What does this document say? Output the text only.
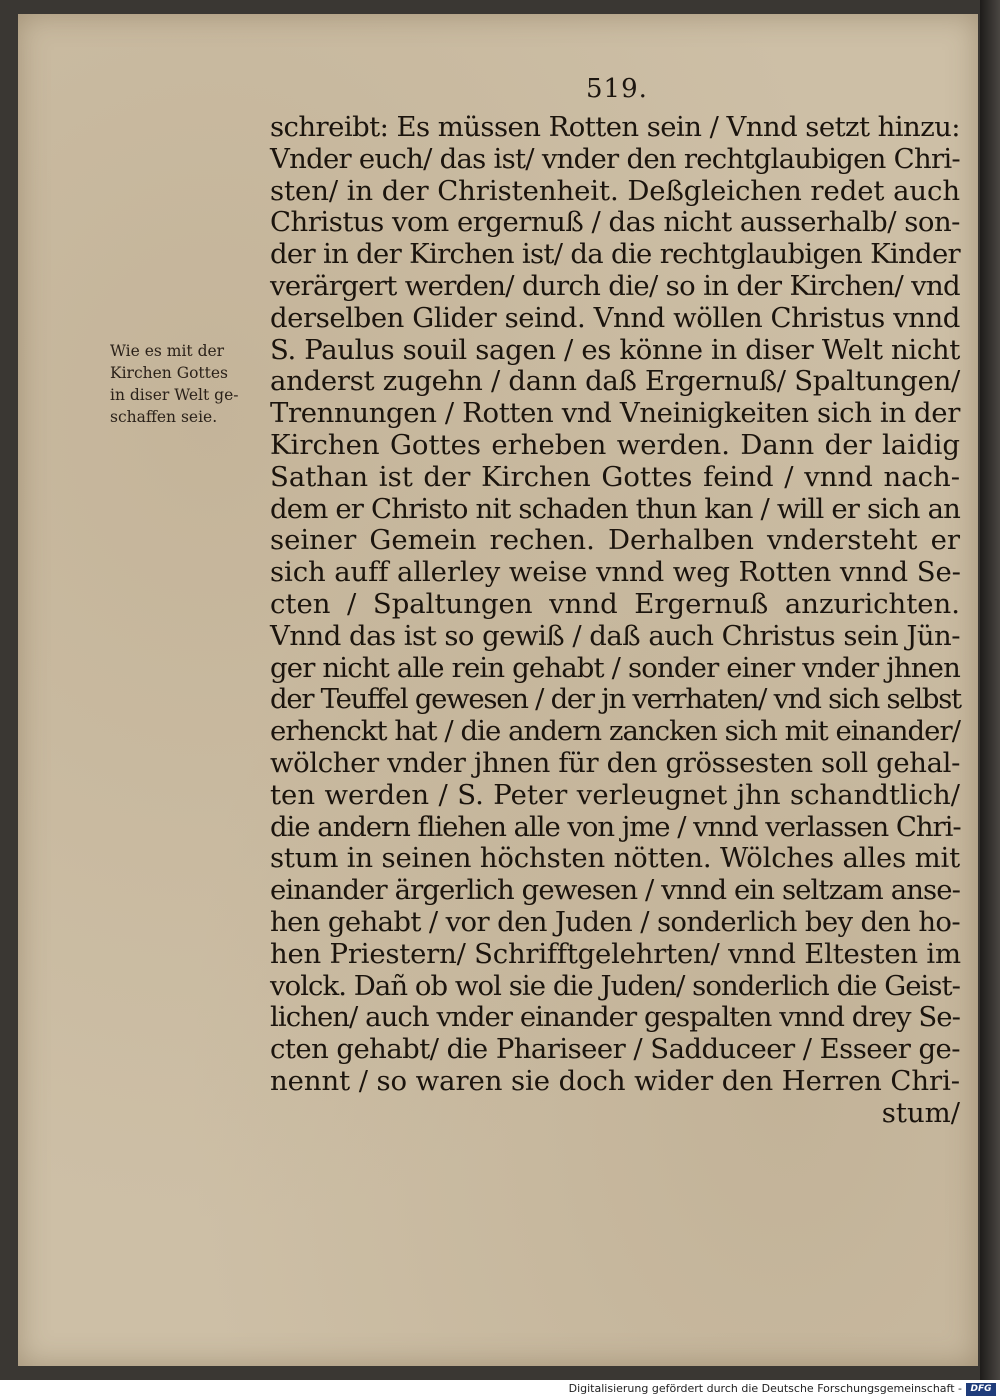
519.
Wie es mit der
Kirchen Gottes
in diser Welt ge-
schaffen seie.
schreibt: Es müssen Rotten sein / Vnnd setzt hinzu:
Vnder euch/ das ist/ vnder den rechtglaubigen Chri-
sten/ in der Christenheit. Deßgleichen redet auch
Christus vom ergernuß / das nicht ausserhalb/ son-
der in der Kirchen ist/ da die rechtglaubigen Kinder
verärgert werden/ durch die/ so in der Kirchen/ vnd
derselben Glider seind. Vnnd wöllen Christus vnnd
S. Paulus souil sagen / es könne in diser Welt nicht
anderst zugehn / dann daß Ergernuß/ Spaltungen/
Trennungen / Rotten vnd Vneinigkeiten sich in der
Kirchen Gottes erheben werden. Dann der laidig
Sathan ist der Kirchen Gottes feind / vnnd nach-
dem er Christo nit schaden thun kan / will er sich an
seiner Gemein rechen. Derhalben vndersteht er
sich auff allerley weise vnnd weg Rotten vnnd Se-
cten / Spaltungen vnnd Ergernuß anzurichten.
Vnnd das ist so gewiß / daß auch Christus sein Jün-
ger nicht alle rein gehabt / sonder einer vnder jhnen
der Teuffel gewesen / der jn verrhaten/ vnd sich selbst
erhenckt hat / die andern zancken sich mit einander/
wölcher vnder jhnen für den grössesten soll gehal-
ten werden / S. Peter verleugnet jhn schandtlich/
die andern fliehen alle von jme / vnnd verlassen Chri-
stum in seinen höchsten nötten. Wölches alles mit
einander ärgerlich gewesen / vnnd ein seltzam anse-
hen gehabt / vor den Juden / sonderlich bey den ho-
hen Priestern/ Schrifftgelehrten/ vnnd Eltesten im
volck. Dañ ob wol sie die Juden/ sonderlich die Geist-
lichen/ auch vnder einander gespalten vnnd drey Se-
cten gehabt/ die Phariseer / Sadduceer / Esseer ge-
nennt / so waren sie doch wider den Herren Chri-
stum/
Digitalisierung gefördert durch die Deutsche Forschungsgemeinschaft - DFG
